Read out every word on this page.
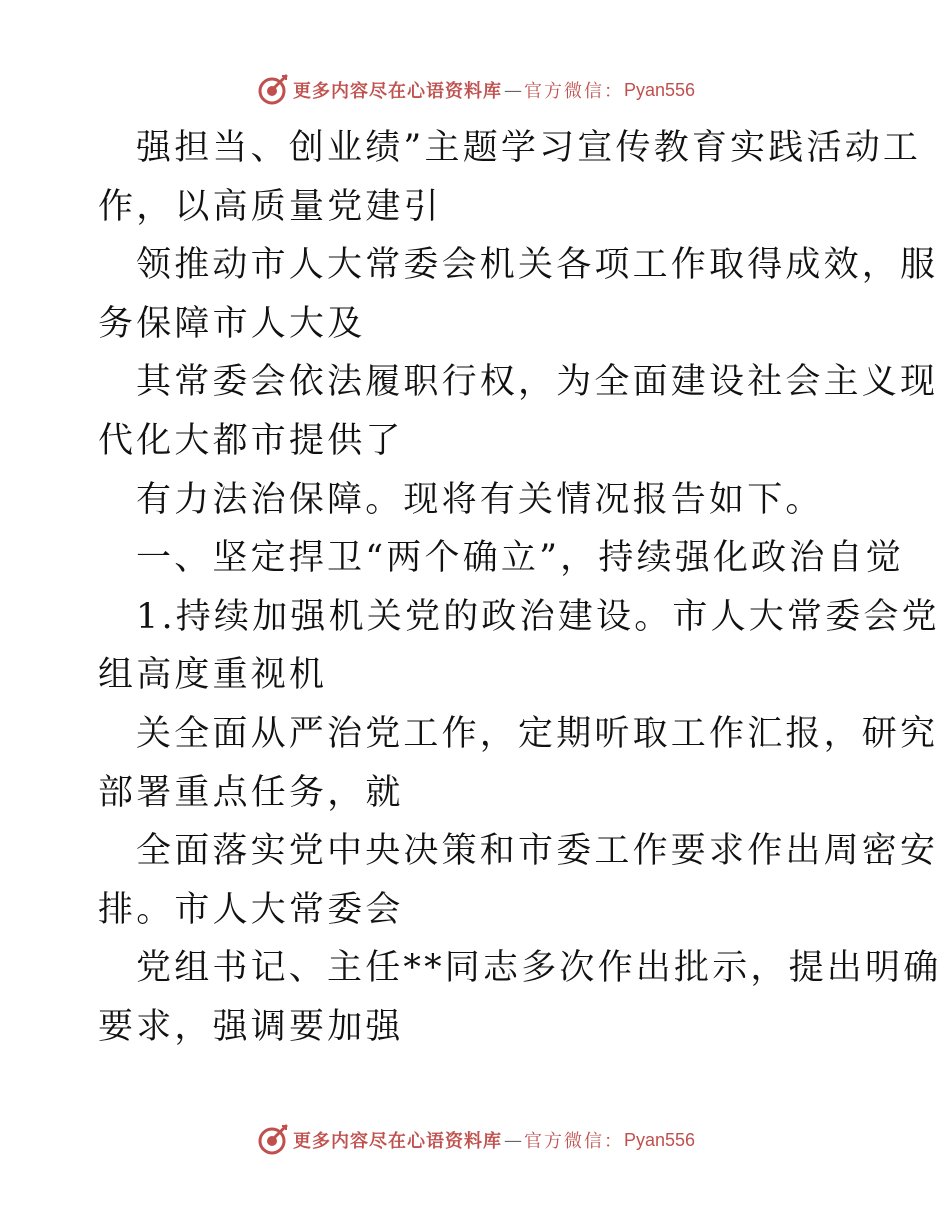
更多内容尽在心语资料库 — 官方微信： Pyan556
强担当、创业绩”主题学习宣传教育实践活动工
作，以高质量党建引
领推动市人大常委会机关各项工作取得成效，服
务保障市人大及
其常委会依法履职行权，为全面建设社会主义现
代化大都市提供了
有力法治保障。现将有关情况报告如下。
一、坚定捍卫“两个确立”，持续强化政治自觉
1.持续加强机关党的政治建设。市人大常委会党
组高度重视机
关全面从严治党工作，定期听取工作汇报，研究
部署重点任务，就
全面落实党中央决策和市委工作要求作出周密安
排。市人大常委会
党组书记、主任**同志多次作出批示，提出明确
要求，强调要加强
更多内容尽在心语资料库 — 官方微信： Pyan556
